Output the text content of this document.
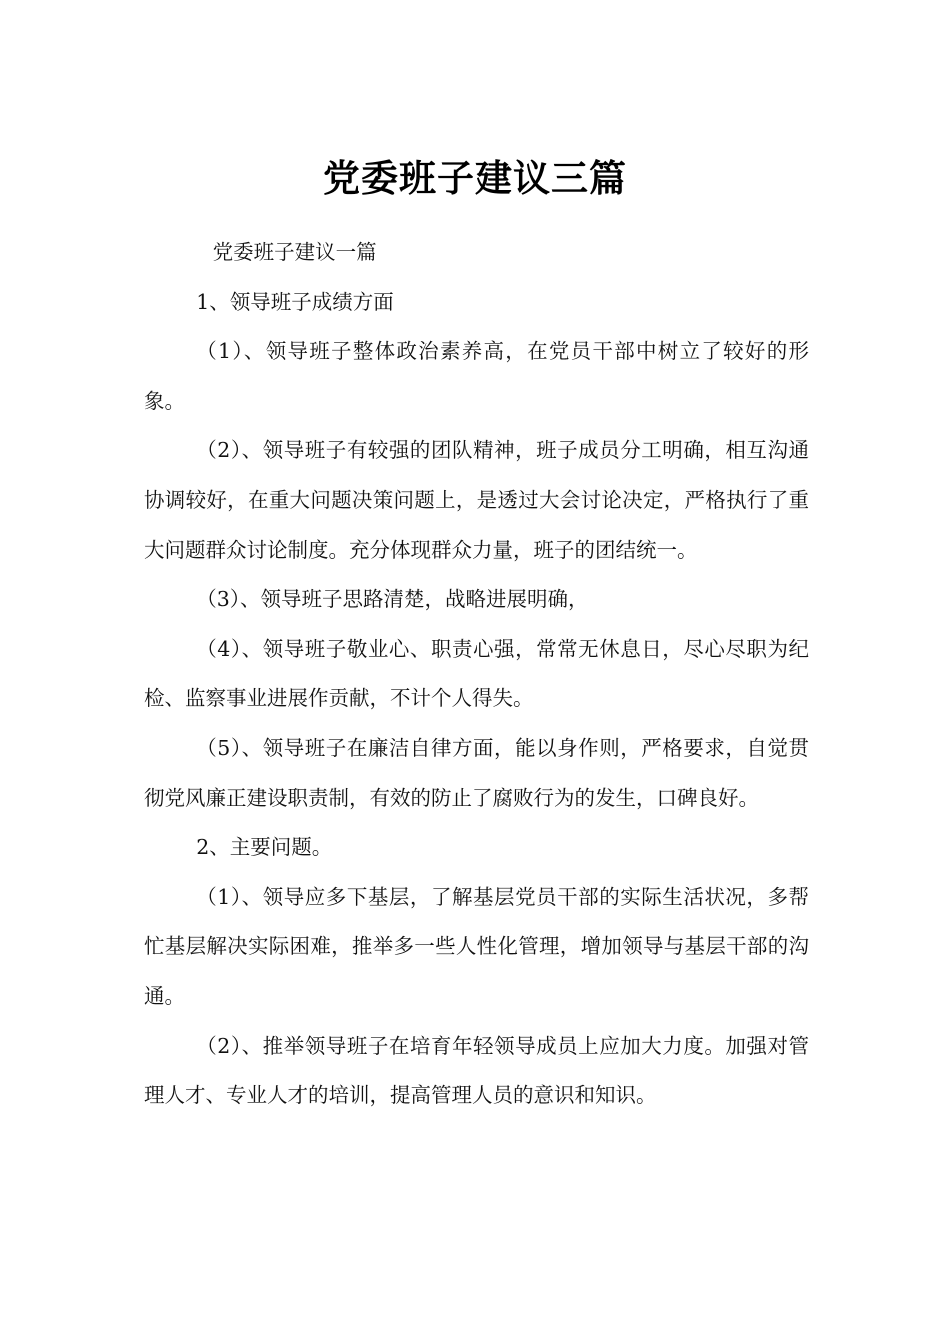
党委班子建议三篇

党委班子建议一篇

1、领导班子成绩方面

（1）、领导班子整体政治素养高，在党员干部中树立了较好的形象。

（2）、领导班子有较强的团队精神，班子成员分工明确，相互沟通协调较好，在重大问题决策问题上，是透过大会讨论决定，严格执行了重大问题群众讨论制度。充分体现群众力量，班子的团结统一。

（3）、领导班子思路清楚，战略进展明确，

（4）、领导班子敬业心、职责心强，常常无休息日，尽心尽职为纪检、监察事业进展作贡献，不计个人得失。

（5）、领导班子在廉洁自律方面，能以身作则，严格要求，自觉贯彻党风廉正建设职责制，有效的防止了腐败行为的发生，口碑良好。

2、主要问题。

（1）、领导应多下基层，了解基层党员干部的实际生活状况，多帮忙基层解决实际困难，推举多一些人性化管理，增加领导与基层干部的沟通。

（2）、推举领导班子在培育年轻领导成员上应加大力度。加强对管理人才、专业人才的培训，提高管理人员的意识和知识。
